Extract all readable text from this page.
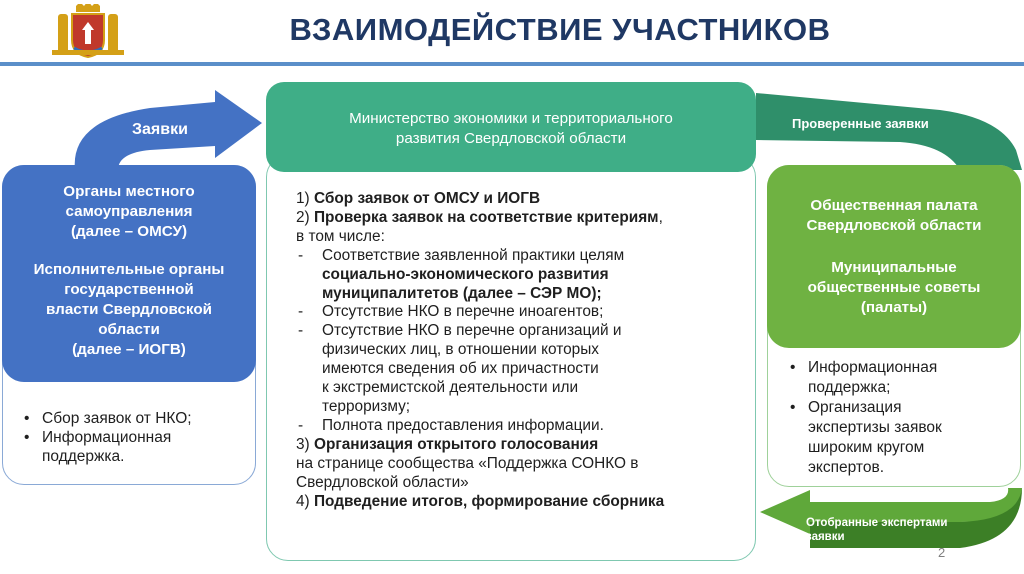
ВЗАИМОДЕЙСТВИЕ УЧАСТНИКОВ
Заявки	Проверенные заявки
Отобранные экспертами
заявки
Органы местного
самоуправления
(далее – ОМСУ)
Исполнительные органы
государственной
власти Свердловской
области
(далее – ИОГВ)
• Сбор заявок от НКО;
• Информационная
поддержка.
Министерство экономики и территориального
развития Свердловской области
1) Сбор заявок от ОМСУ и ИОГВ
2) Проверка заявок на соответствие критериям,
в том числе:
- Соответствие заявленной практики целям
социально-экономического развития
муниципалитетов (далее – СЭР МО);
- Отсутствие НКО в перечне иноагентов;
- Отсутствие НКО в перечне организаций и
физических лиц, в отношении которых
имеются сведения об их причастности
к экстремистской деятельности или
терроризму;
- Полнота предоставления информации.
3) Организация открытого голосования
на странице сообщества «Поддержка СОНКО в
Свердловской области»
4) Подведение итогов, формирование сборника
Общественная палата
Свердловской области
Муниципальные
общественные советы
(палаты)
• Информационная
поддержка;
• Организация
экспертизы заявок
широким кругом
экспертов.
2
